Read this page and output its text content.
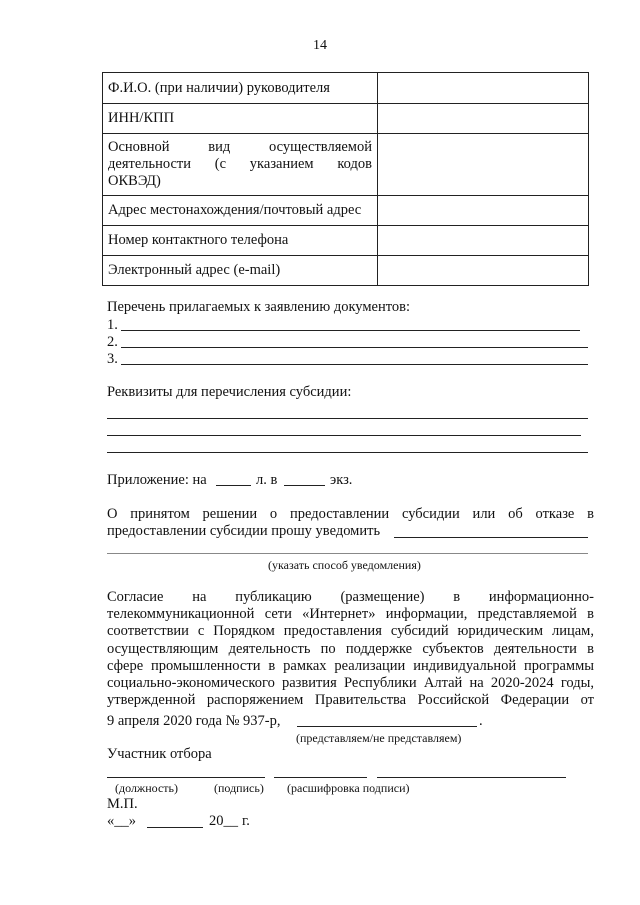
14
Ф.И.О. (при наличии) руководителя	
ИНН/КПП	

Основной вид осуществляемой
деятельности (с указанием кодов
ОКВЭД)	

Адрес местонахождения/почтовый адрес	
Номер контактного телефона	
Электронный адрес (e-mail)	
Перечень прилагаемых к заявлению документов:
1.
2.
3.
Реквизиты для перечисления субсидии:
Приложение: на	л. в	экз.
О принятом решении о предоставлении субсидии или об отказе в
предоставлении субсидии прошу уведомить
(указать способ уведомления)
Согласие на публикацию (размещение) в информационно-
телекоммуникационной сети «Интернет» информации, представляемой в
соответствии с Порядком предоставления субсидий юридическим лицам,
осуществляющим деятельность по поддержке субъектов деятельности в
сфере промышленности в рамках реализации индивидуальной программы
социально-экономического развития Республики Алтай на 2020-2024 годы,
утвержденной распоряжением Правительства Российской Федерации от
9 апреля 2020 года № 937-р,	.
(представляем/не представляем)
Участник отбора
(должность)	(подпись) (расшифровка подписи)
М.П.
«__»	20__ г.
